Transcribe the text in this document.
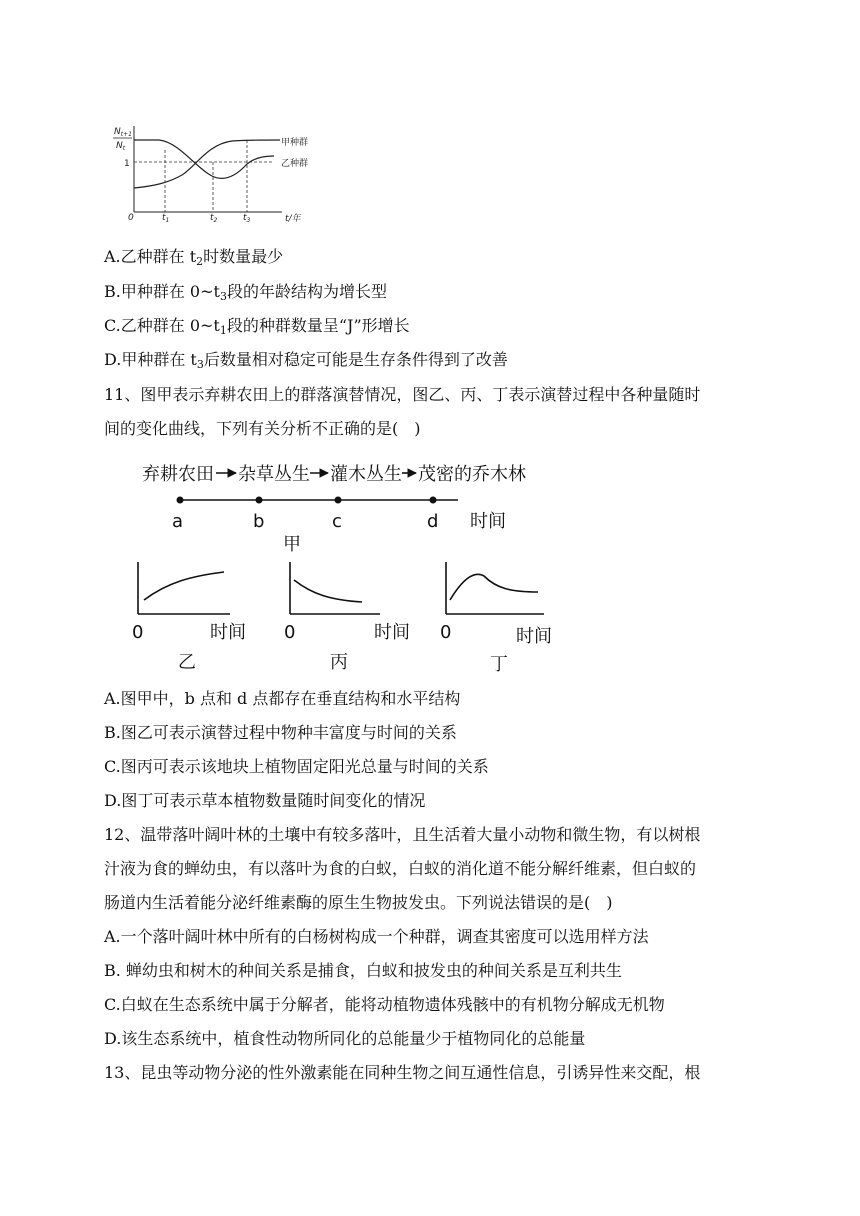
$N_{t+1}$
$N_t$
1
0	$t_1$	$t_2$	$t_3$	t/年
甲种群
乙种群
A.乙种群在 $t_2$时数量最少
B.甲种群在 $0\sim t_3$段的年龄结构为增长型
C.乙种群在 $0\sim t_1$段的种群数量呈“J”形增长
D.甲种群在 $t_3$后数量相对稳定可能是生存条件得到了改善
11、图甲表示弃耕农田上的群落演替情况，图乙、丙、丁表示演替过程中各种量随时
间的变化曲线，下列有关分析不正确的是(　)
弃耕农田 杂草丛生 灌木丛生 茂密的乔木林
a	b	c	d 时间
甲
0	时间
乙
0	时间
丙
0	时间
丁
A.图甲中，b 点和 d 点都存在垂直结构和水平结构
B.图乙可表示演替过程中物种丰富度与时间的关系
C.图丙可表示该地块上植物固定阳光总量与时间的关系
D.图丁可表示草本植物数量随时间变化的情况
12、温带落叶阔叶林的土壤中有较多落叶，且生活着大量小动物和微生物，有以树根
汁液为食的蝉幼虫，有以落叶为食的白蚁，白蚁的消化道不能分解纤维素，但白蚁的
肠道内生活着能分泌纤维素酶的原生生物披发虫。下列说法错误的是(　)
A.一个落叶阔叶林中所有的白杨树构成一个种群，调查其密度可以选用样方法
B. 蝉幼虫和树木的种间关系是捕食，白蚁和披发虫的种间关系是互利共生
C.白蚁在生态系统中属于分解者，能将动植物遗体残骸中的有机物分解成无机物
D.该生态系统中，植食性动物所同化的总能量少于植物同化的总能量
13、昆虫等动物分泌的性外激素能在同种生物之间互通性信息，引诱异性来交配，根
